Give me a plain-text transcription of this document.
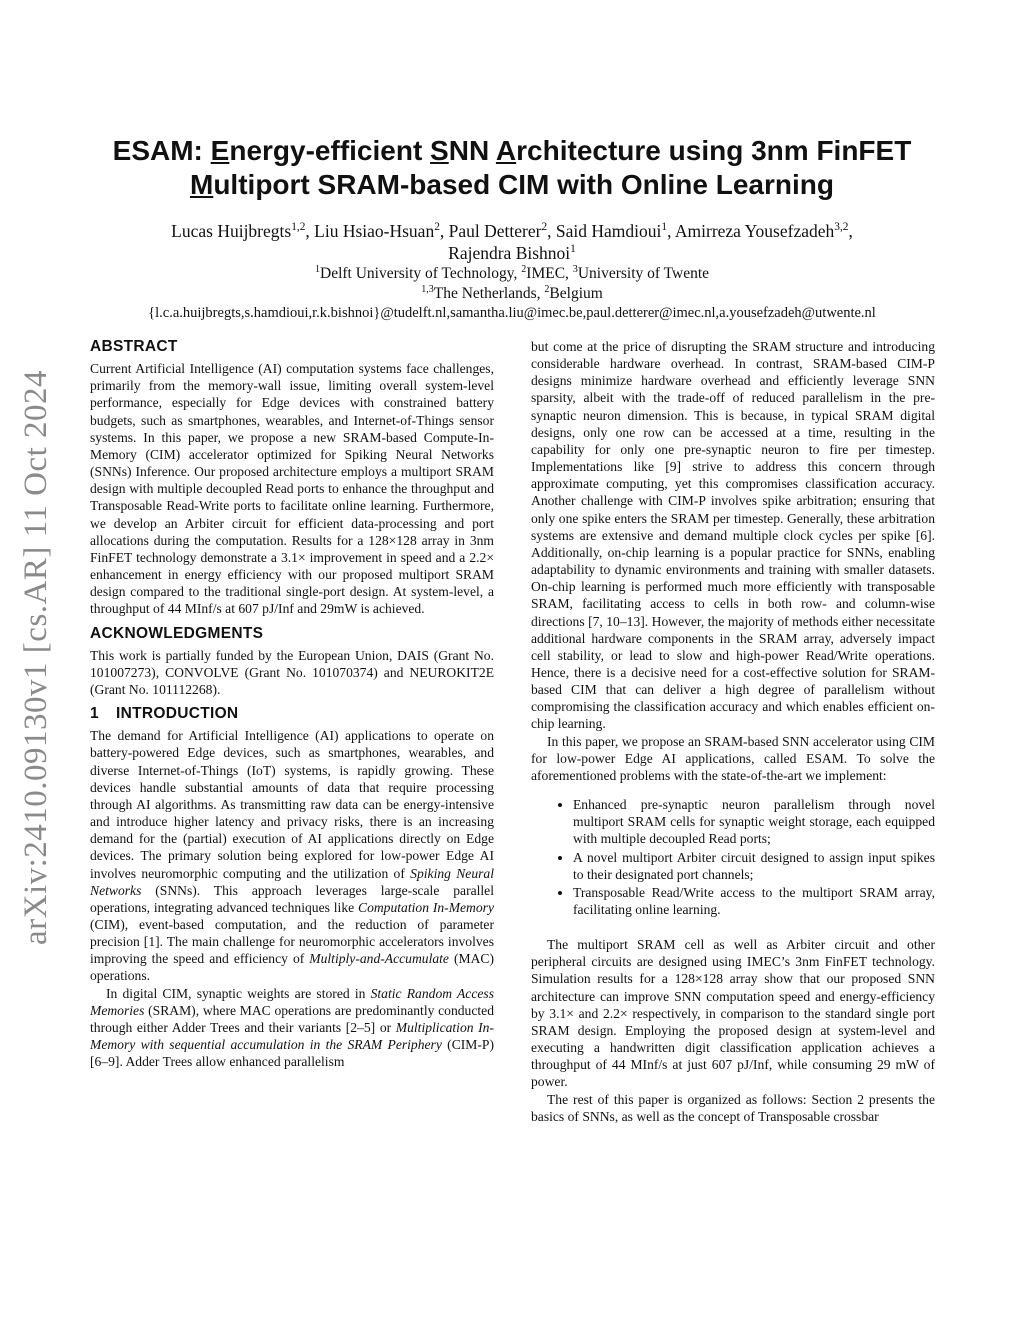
arXiv:2410.09130v1 [cs.AR] 11 Oct 2024
ESAM: Energy-efficient SNN Architecture using 3nm FinFET
Multiport SRAM-based CIM with Online Learning
Lucas Huijbregts$^{1,2}$, Liu Hsiao-Hsuan$^2$, Paul Detterer$^2$, Said Hamdioui$^1$, Amirreza Yousefzadeh$^{3,2}$,
Rajendra Bishnoi$^1$
$^1$Delft University of Technology, $^2$IMEC, $^3$University of Twente
$^{1,3}$The Netherlands, $^2$Belgium
{l.c.a.huijbregts,s.hamdioui,r.k.bishnoi}@tudelft.nl,samantha.liu@imec.be,paul.detterer@imec.nl,a.yousefzadeh@utwente.nl
ABSTRACT

Current Artificial Intelligence (AI) computation systems face challenges, primarily from the memory-wall issue, limiting overall system-level performance, especially for Edge devices with constrained battery budgets, such as smartphones, wearables, and Internet-of-Things sensor systems. In this paper, we propose a new SRAM-based Compute-In-Memory (CIM) accelerator optimized for Spiking Neural Networks (SNNs) Inference. Our proposed architecture employs a multiport SRAM design with multiple decoupled Read ports to enhance the throughput and Transposable Read-Write ports to facilitate online learning. Furthermore, we develop an Arbiter circuit for efficient data-processing and port allocations during the computation. Results for a 128×128 array in 3nm FinFET technology demonstrate a 3.1× improvement in speed and a 2.2× enhancement in energy efficiency with our proposed multiport SRAM design compared to the traditional single-port design. At system-level, a throughput of 44 MInf/s at 607 pJ/Inf and 29mW is achieved.

ACKNOWLEDGMENTS

This work is partially funded by the European Union, DAIS (Grant No. 101007273), CONVOLVE (Grant No. 101070374) and NEUROKIT2E (Grant No. 101112268).

1 INTRODUCTION

The demand for Artificial Intelligence (AI) applications to operate on battery-powered Edge devices, such as smartphones, wearables, and diverse Internet-of-Things (IoT) systems, is rapidly growing. These devices handle substantial amounts of data that require processing through AI algorithms. As transmitting raw data can be energy-intensive and introduce higher latency and privacy risks, there is an increasing demand for the (partial) execution of AI applications directly on Edge devices. The primary solution being explored for low-power Edge AI involves neuromorphic computing and the utilization of Spiking Neural Networks (SNNs). This approach leverages large-scale parallel operations, integrating advanced techniques like Computation In-Memory (CIM), event-based computation, and the reduction of parameter precision [1]. The main challenge for neuromorphic accelerators involves improving the speed and efficiency of Multiply-and-Accumulate (MAC) operations.

In digital CIM, synaptic weights are stored in Static Random Access Memories (SRAM), where MAC operations are predominantly conducted through either Adder Trees and their variants [2–5] or Multiplication In-Memory with sequential accumulation in the SRAM Periphery (CIM-P) [6–9]. Adder Trees allow enhanced parallelism

but come at the price of disrupting the SRAM structure and introducing considerable hardware overhead. In contrast, SRAM-based CIM-P designs minimize hardware overhead and efficiently leverage SNN sparsity, albeit with the trade-off of reduced parallelism in the pre-synaptic neuron dimension. This is because, in typical SRAM digital designs, only one row can be accessed at a time, resulting in the capability for only one pre-synaptic neuron to fire per timestep. Implementations like [9] strive to address this concern through approximate computing, yet this compromises classification accuracy. Another challenge with CIM-P involves spike arbitration; ensuring that only one spike enters the SRAM per timestep. Generally, these arbitration systems are extensive and demand multiple clock cycles per spike [6]. Additionally, on-chip learning is a popular practice for SNNs, enabling adaptability to dynamic environments and training with smaller datasets. On-chip learning is performed much more efficiently with transposable SRAM, facilitating access to cells in both row- and column-wise directions [7, 10–13]. However, the majority of methods either necessitate additional hardware components in the SRAM array, adversely impact cell stability, or lead to slow and high-power Read/Write operations. Hence, there is a decisive need for a cost-effective solution for SRAM-based CIM that can deliver a high degree of parallelism without compromising the classification accuracy and which enables efficient on-chip learning.

In this paper, we propose an SRAM-based SNN accelerator using CIM for low-power Edge AI applications, called ESAM. To solve the aforementioned problems with the state-of-the-art we implement:

• Enhanced pre-synaptic neuron parallelism through novel multiport SRAM cells for synaptic weight storage, each equipped with multiple decoupled Read ports;
• A novel multiport Arbiter circuit designed to assign input spikes to their designated port channels;
• Transposable Read/Write access to the multiport SRAM array, facilitating online learning.

The multiport SRAM cell as well as Arbiter circuit and other peripheral circuits are designed using IMEC’s 3nm FinFET technology. Simulation results for a 128×128 array show that our proposed SNN architecture can improve SNN computation speed and energy-efficiency by 3.1× and 2.2× respectively, in comparison to the standard single port SRAM design. Employing the proposed design at system-level and executing a handwritten digit classification application achieves a throughput of 44 MInf/s at just 607 pJ/Inf, while consuming 29 mW of power.

The rest of this paper is organized as follows: Section 2 presents the basics of SNNs, as well as the concept of Transposable crossbar
